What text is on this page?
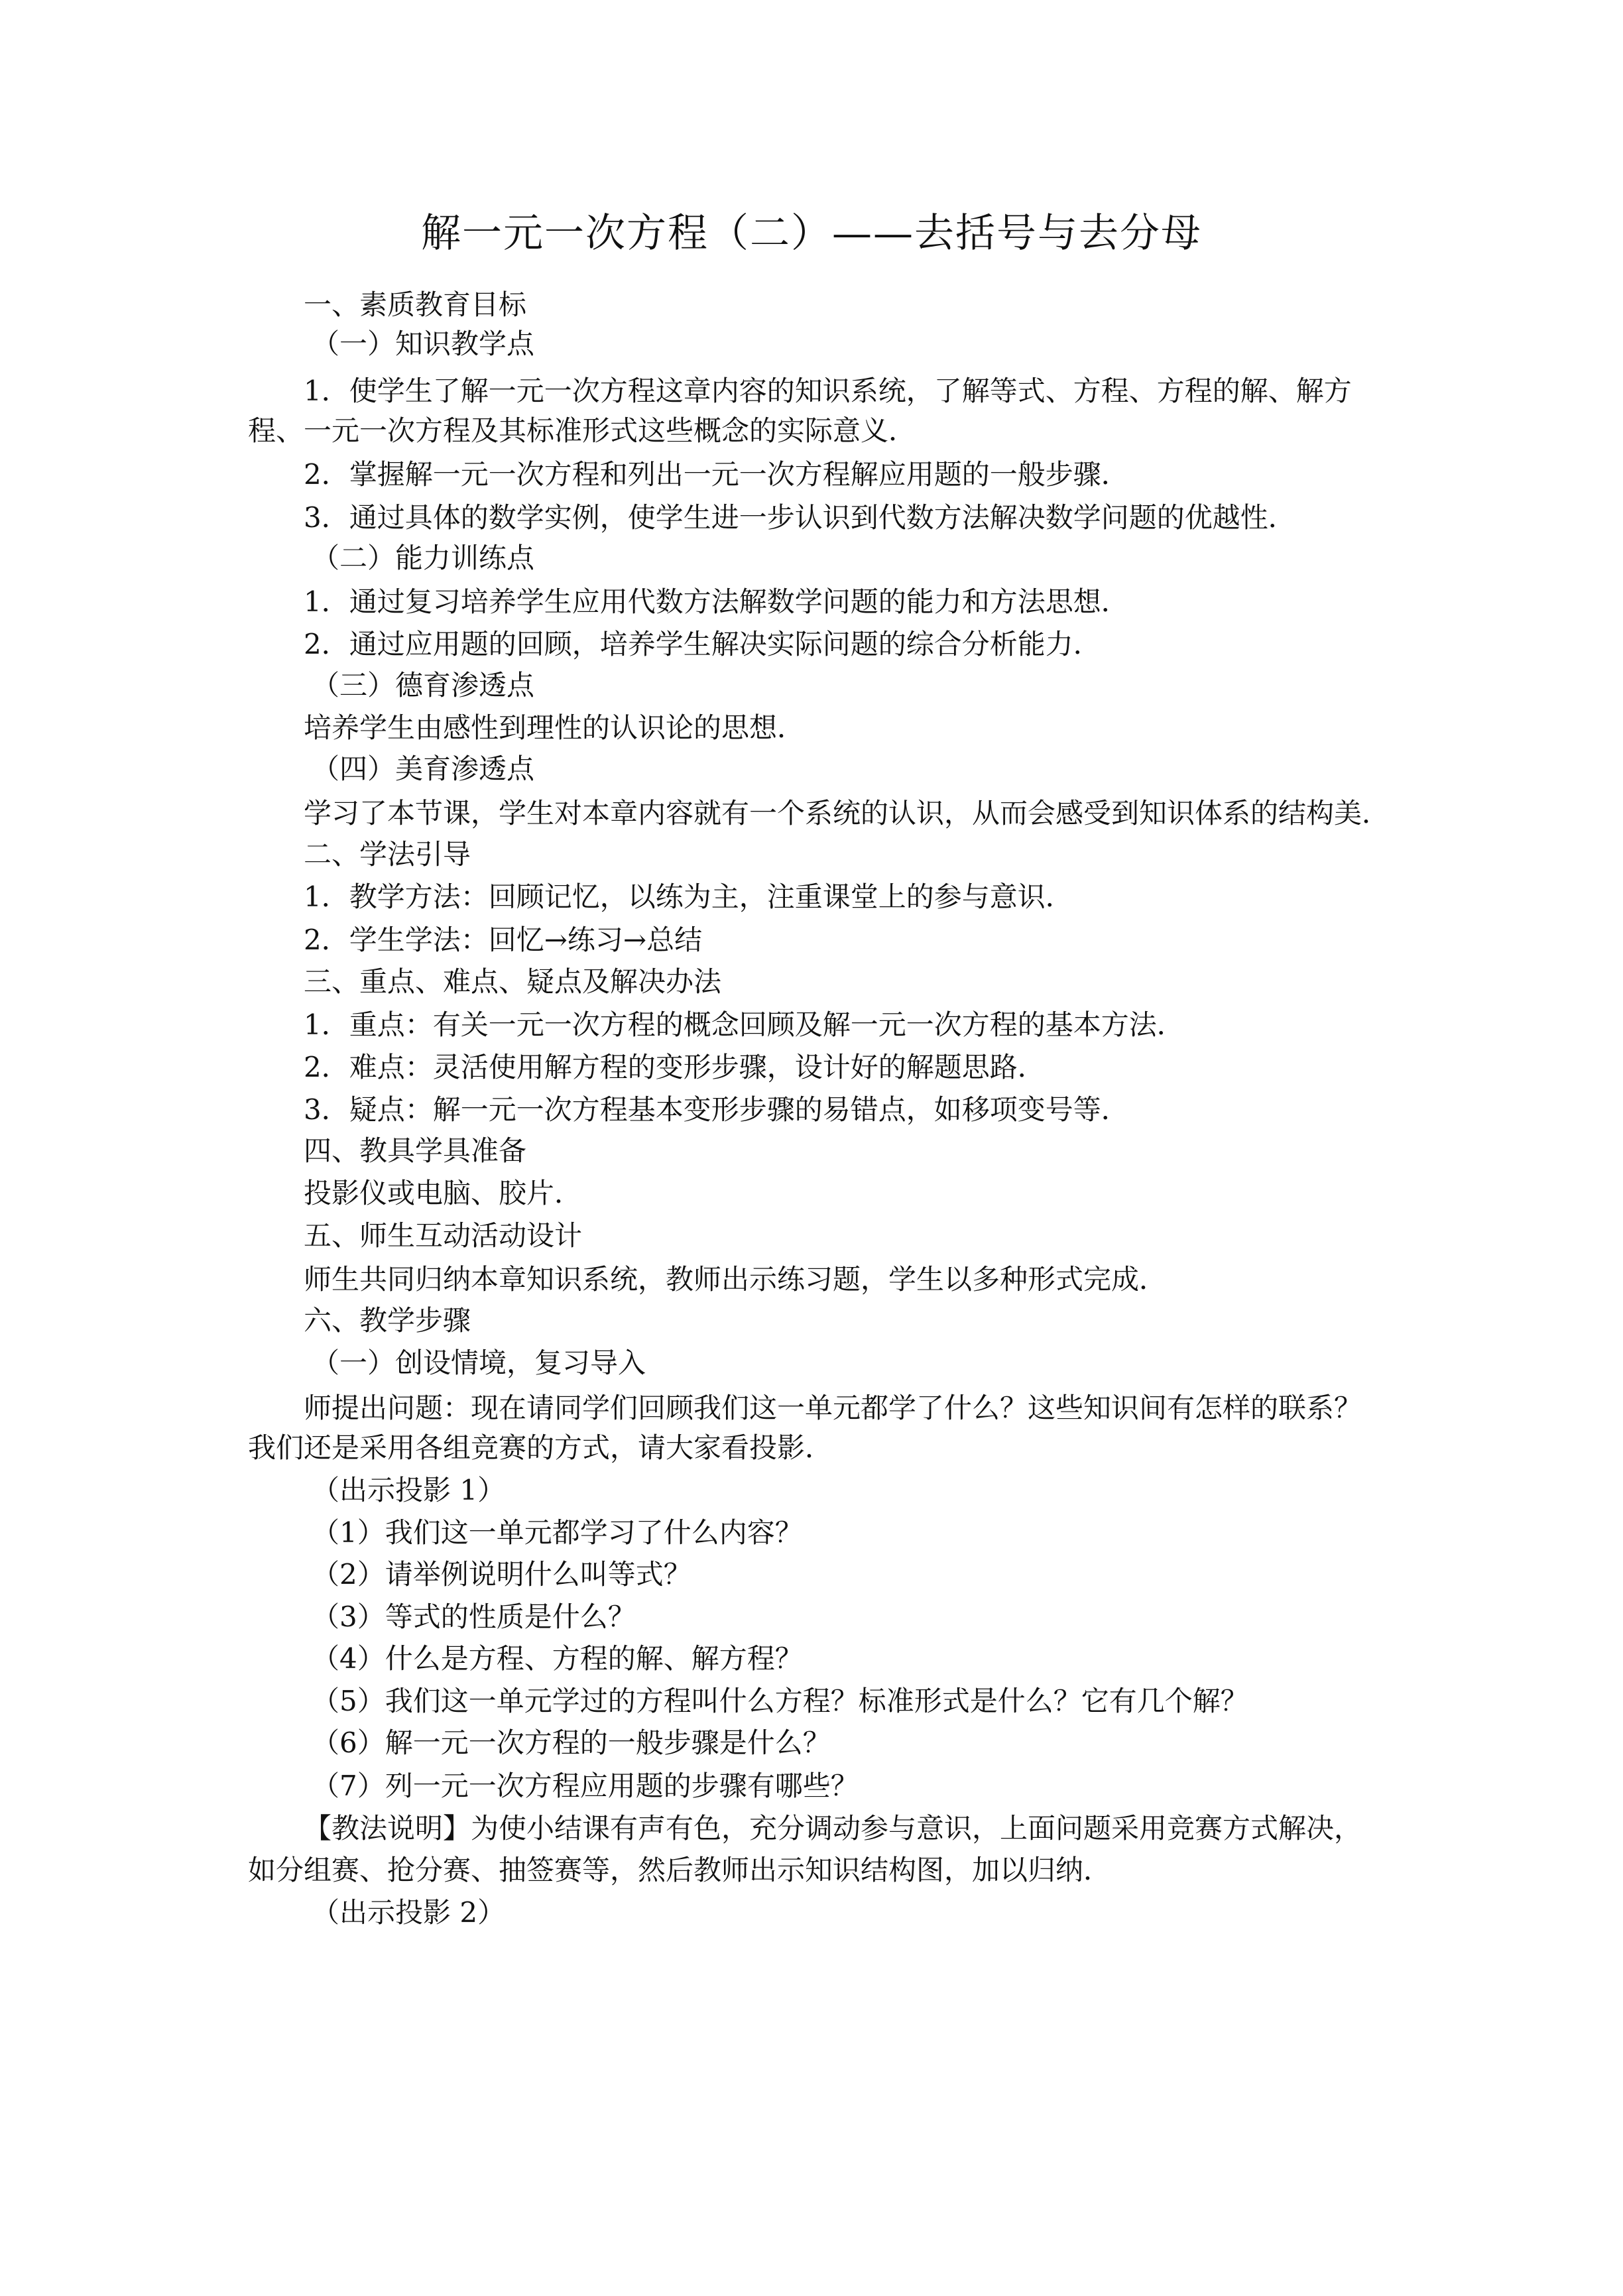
解一元一次方程（二）——去括号与去分母
一、素质教育目标
（一）知识教学点
1．使学生了解一元一次方程这章内容的知识系统，了解等式、方程、方程的解、解方
程、一元一次方程及其标准形式这些概念的实际意义．
2．掌握解一元一次方程和列出一元一次方程解应用题的一般步骤．
3．通过具体的数学实例，使学生进一步认识到代数方法解决数学问题的优越性．
（二）能力训练点
1．通过复习培养学生应用代数方法解数学问题的能力和方法思想．
2．通过应用题的回顾，培养学生解决实际问题的综合分析能力．
（三）德育渗透点
培养学生由感性到理性的认识论的思想．
（四）美育渗透点
学习了本节课，学生对本章内容就有一个系统的认识，从而会感受到知识体系的结构美．
二、学法引导
1．教学方法：回顾记忆，以练为主，注重课堂上的参与意识．
2．学生学法：回忆→练习→总结
三、重点、难点、疑点及解决办法
1．重点：有关一元一次方程的概念回顾及解一元一次方程的基本方法．
2．难点：灵活使用解方程的变形步骤，设计好的解题思路．
3．疑点：解一元一次方程基本变形步骤的易错点，如移项变号等．
四、教具学具准备
投影仪或电脑、胶片．
五、师生互动活动设计
师生共同归纳本章知识系统，教师出示练习题，学生以多种形式完成．
六、教学步骤
（一）创设情境，复习导入
师提出问题：现在请同学们回顾我们这一单元都学了什么？这些知识间有怎样的联系？
我们还是采用各组竞赛的方式，请大家看投影．
（出示投影 1）
（1）我们这一单元都学习了什么内容？
（2）请举例说明什么叫等式？
（3）等式的性质是什么？
（4）什么是方程、方程的解、解方程？
（5）我们这一单元学过的方程叫什么方程？标准形式是什么？它有几个解？
（6）解一元一次方程的一般步骤是什么？
（7）列一元一次方程应用题的步骤有哪些？
【教法说明】为使小结课有声有色，充分调动参与意识，上面问题采用竞赛方式解决，
如分组赛、抢分赛、抽签赛等，然后教师出示知识结构图，加以归纳．
（出示投影 2）
